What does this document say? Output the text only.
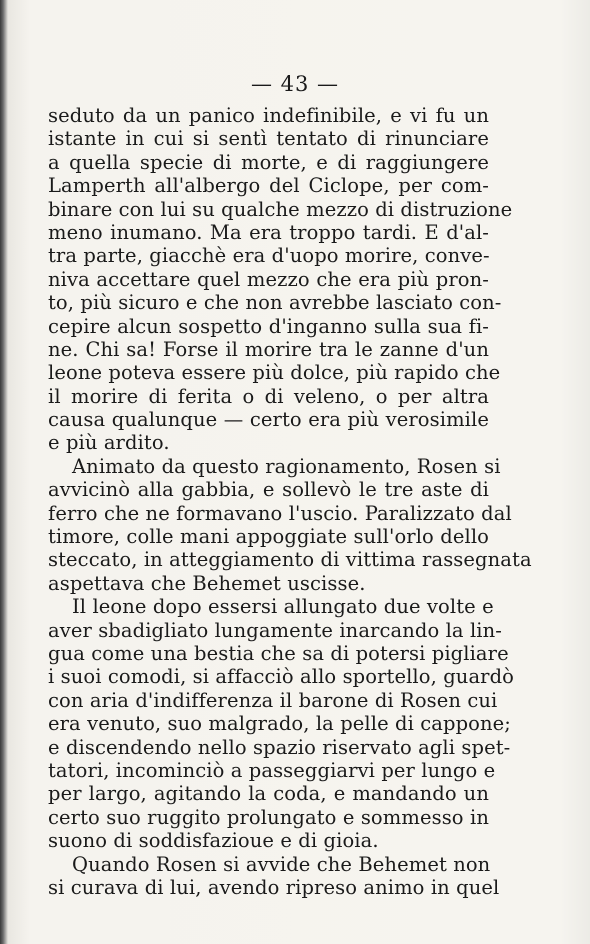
— 43 —
seduto da un panico indefinibile, e vi fu un
istante in cui si sentì tentato di rinunciare
a quella specie di morte, e di raggiungere
Lamperth all'albergo del Ciclope, per com-
binare con lui su qualche mezzo di distruzione
meno inumano. Ma era troppo tardi. E d'al-
tra parte, giacchè era d'uopo morire, conve-
niva accettare quel mezzo che era più pron-
to, più sicuro e che non avrebbe lasciato con-
cepire alcun sospetto d'inganno sulla sua fi-
ne. Chi sa! Forse il morire tra le zanne d'un
leone poteva essere più dolce, più rapido che
il morire di ferita o di veleno, o per altra
causa qualunque — certo era più verosimile
e più ardito.
Animato da questo ragionamento, Rosen si
avvicinò alla gabbia, e sollevò le tre aste di
ferro che ne formavano l'uscio. Paralizzato dal
timore, colle mani appoggiate sull'orlo dello
steccato, in atteggiamento di vittima rassegnata
aspettava che Behemet uscisse.
Il leone dopo essersi allungato due volte e
aver sbadigliato lungamente inarcando la lin-
gua come una bestia che sa di potersi pigliare
i suoi comodi, si affacciò allo sportello, guardò
con aria d'indifferenza il barone di Rosen cui
era venuto, suo malgrado, la pelle di cappone;
e discendendo nello spazio riservato agli spet-
tatori, incominciò a passeggiarvi per lungo e
per largo, agitando la coda, e mandando un
certo suo ruggito prolungato e sommesso in
suono di soddisfazioue e di gioia.
Quando Rosen si avvide che Behemet non
si curava di lui, avendo ripreso animo in quel
